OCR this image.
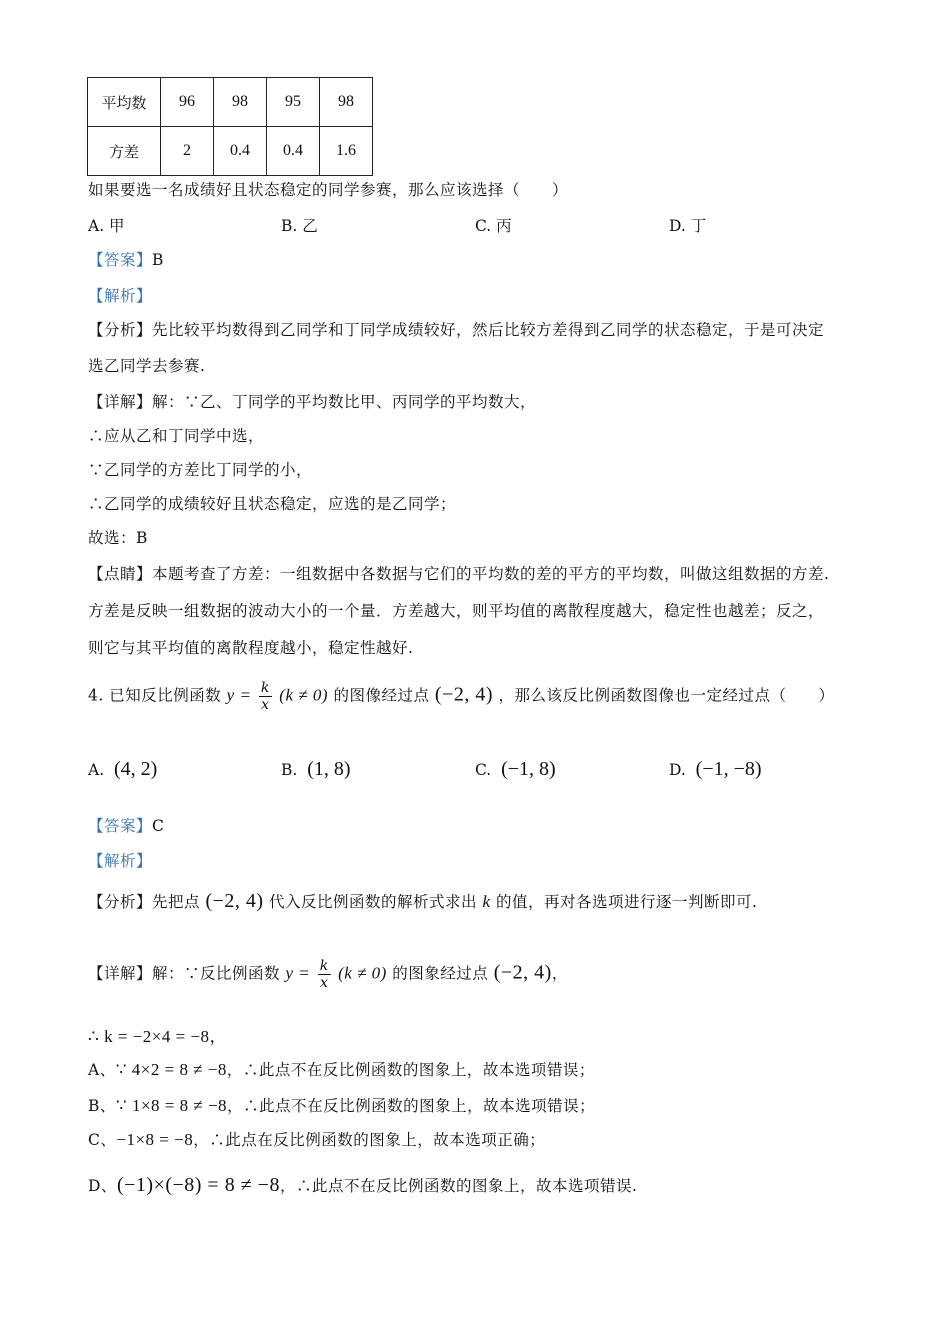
平均数	96	98	95	98
方差	2	0.4	0.4	1.6
如果要选一名成绩好且状态稳定的同学参赛，那么应该选择（　　）
A. 甲	B. 乙	C. 丙	D. 丁
【答案】B
【解析】
【分析】先比较平均数得到乙同学和丁同学成绩较好，然后比较方差得到乙同学的状态稳定，于是可决定
选乙同学去参赛.
【详解】解：∵乙、丁同学的平均数比甲、丙同学的平均数大，
∴应从乙和丁同学中选，
∵乙同学的方差比丁同学的小，
∴乙同学的成绩较好且状态稳定，应选的是乙同学；
故选：B
【点睛】本题考查了方差：一组数据中各数据与它们的平均数的差的平方的平均数，叫做这组数据的方差.
方差是反映一组数据的波动大小的一个量．方差越大，则平均值的离散程度越大，稳定性也越差；反之，
则它与其平均值的离散程度越小，稳定性越好.
4. 已知反比例函数 $y = \frac{k}{x} (k \ne 0)$ 的图像经过点 (−2, 4) ，那么该反比例函数图像也一定经过点（　　）
A. (4, 2)	B. (1, 8)	C. (−1, 8)	D. (−1, −8)
【答案】C
【解析】
【分析】先把点 (−2, 4) 代入反比例函数的解析式求出 k 的值，再对各选项进行逐一判断即可.
【详解】解：∵反比例函数 $y = \frac{k}{x} (k \ne 0)$ 的图象经过点 (−2, 4)，
∴ k = −2×4 = −8，
A、∵ 4×2 = 8 ≠ −8，∴此点不在反比例函数的图象上，故本选项错误；
B、∵ 1×8 = 8 ≠ −8，∴此点不在反比例函数的图象上，故本选项错误；
C、−1×8 = −8，∴此点在反比例函数的图象上，故本选项正确；
D、(−1)×(−8) = 8 ≠ −8，∴此点不在反比例函数的图象上，故本选项错误.
